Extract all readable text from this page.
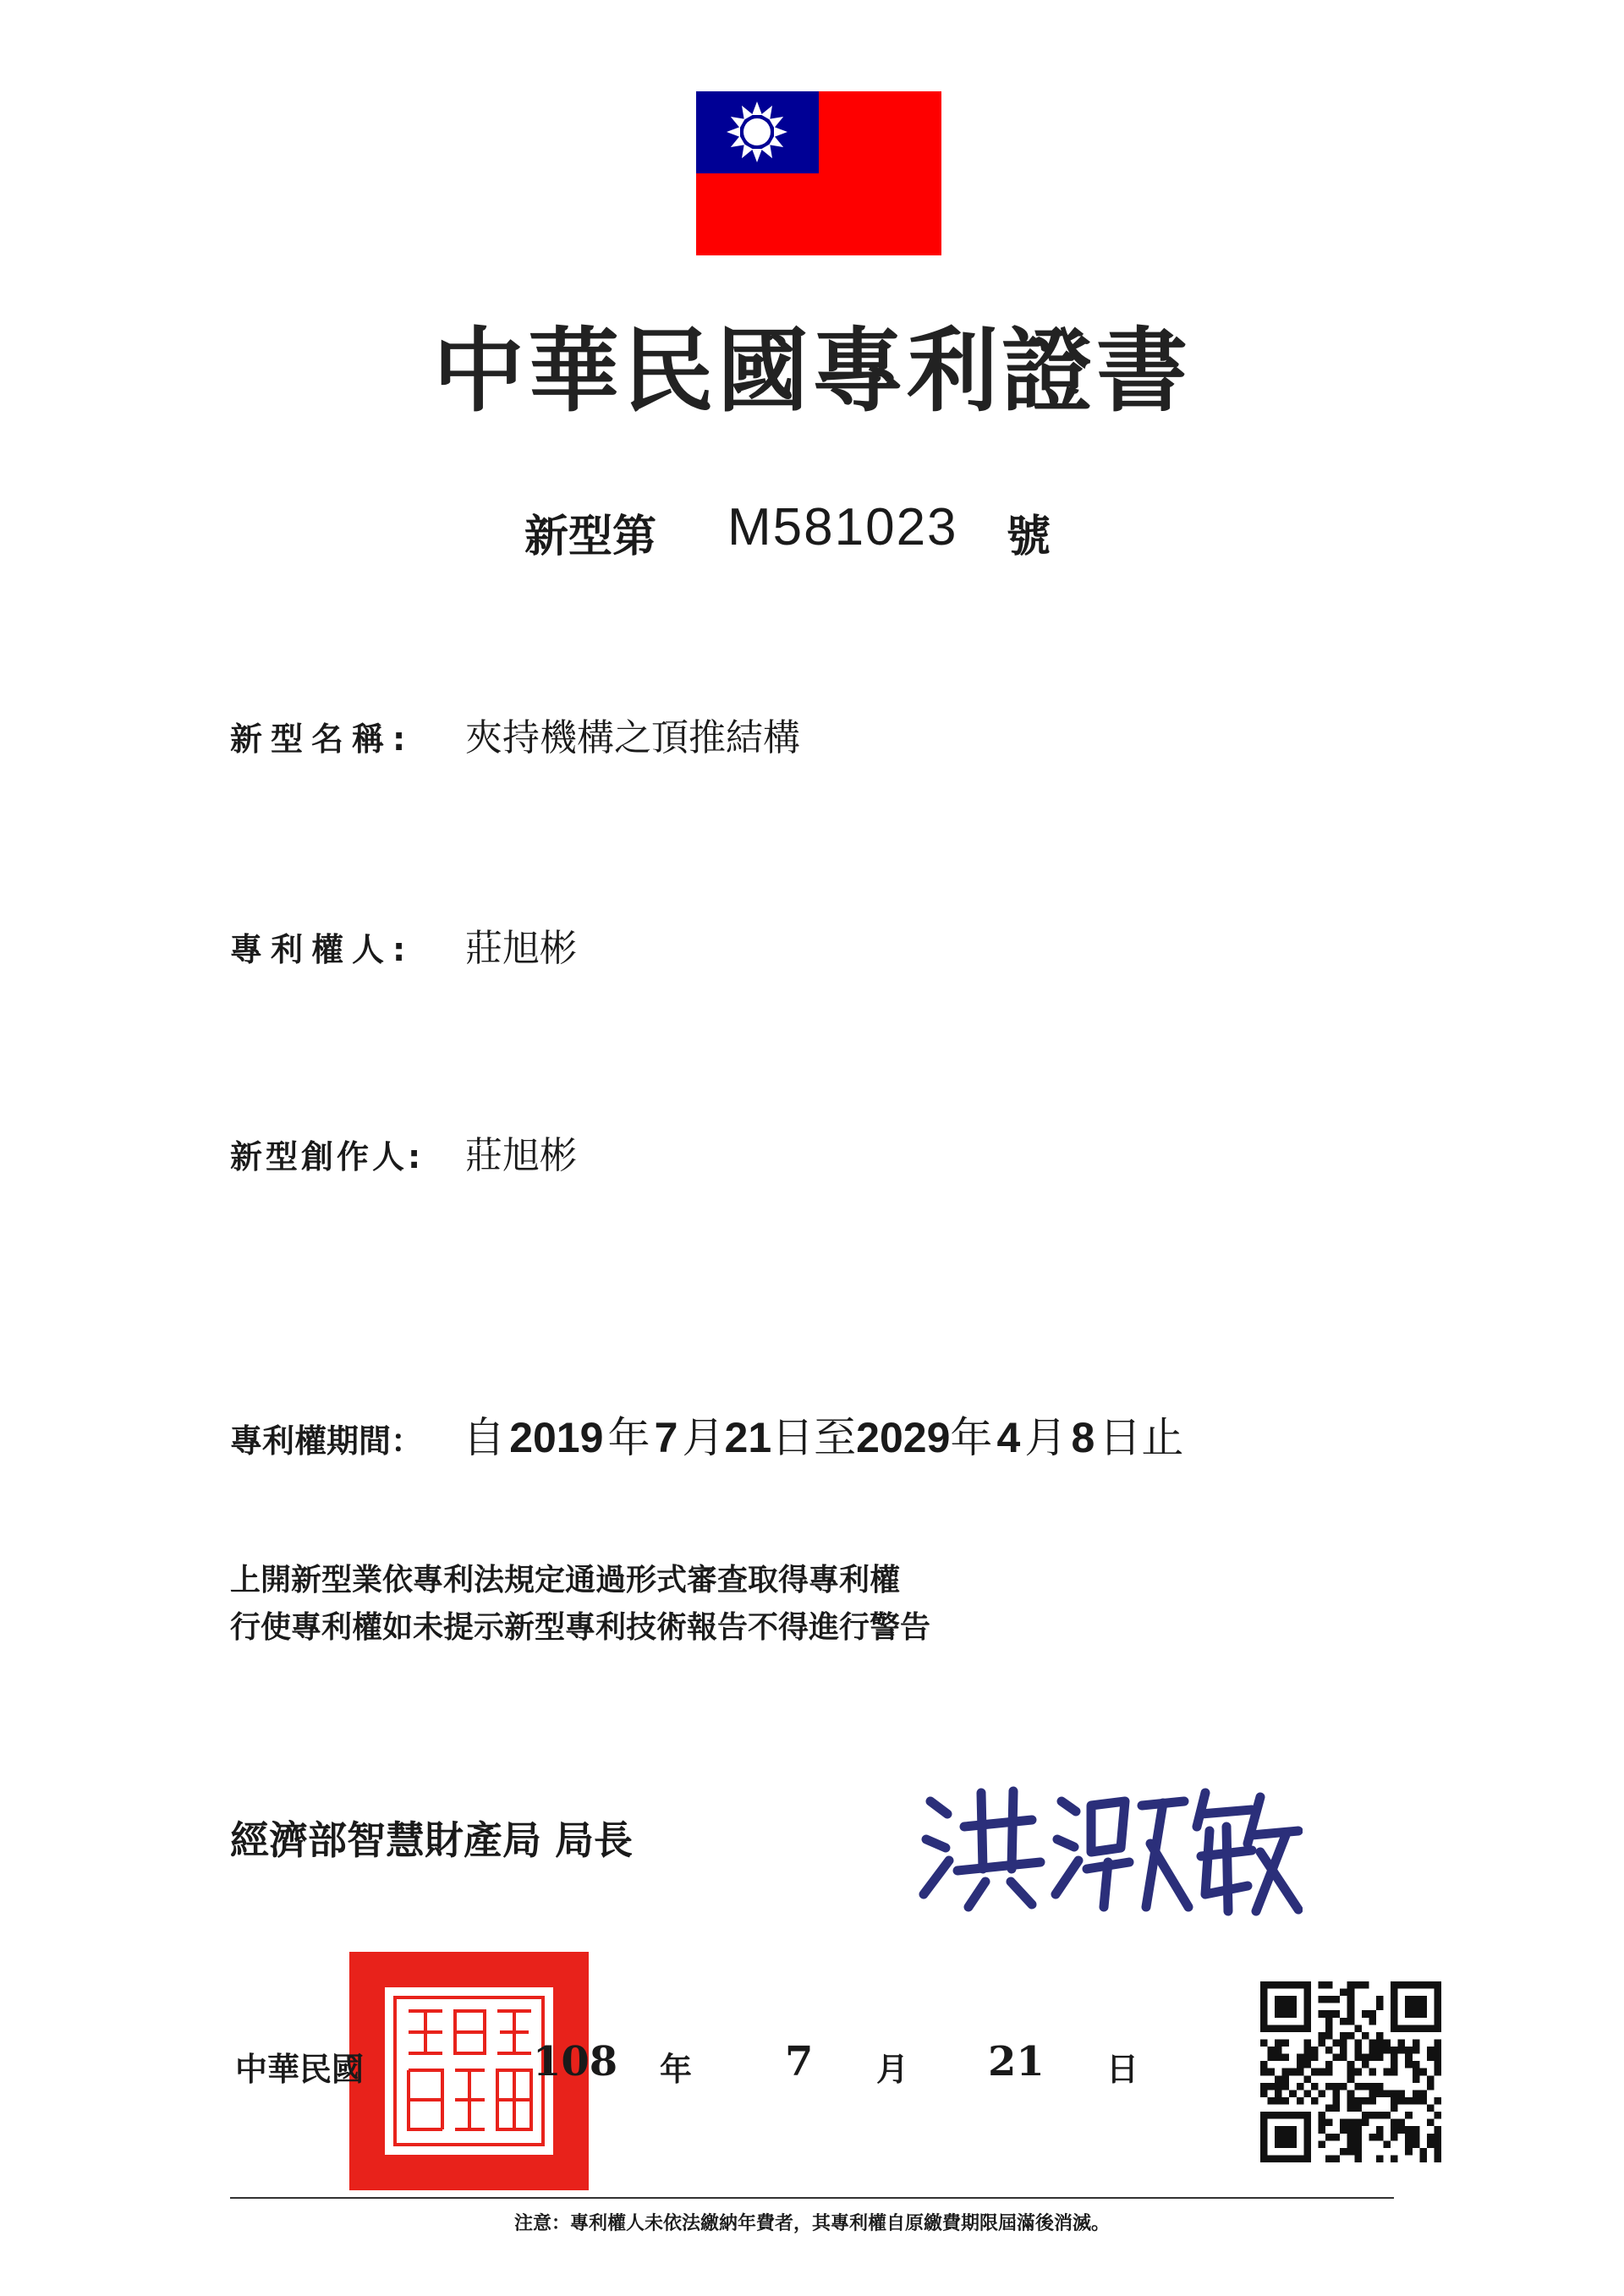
中華民國專利證書
新型第 M581023 號
新型名稱: 夾持機構之頂推結構
專利權人: 莊旭彬
新型創作人: 莊旭彬
專利權期間： 自 2019 年 7 月21日至2029年 4 月 8 日止
上開新型業依專利法規定通過形式審查取得專利權
行使專利權如未提示新型專利技術報告不得進行警告
經濟部智慧財產局 局長
中華民國	108 年 7 月 21 日
注意：專利權人未依法繳納年費者，其專利權自原繳費期限屆滿後消滅。
